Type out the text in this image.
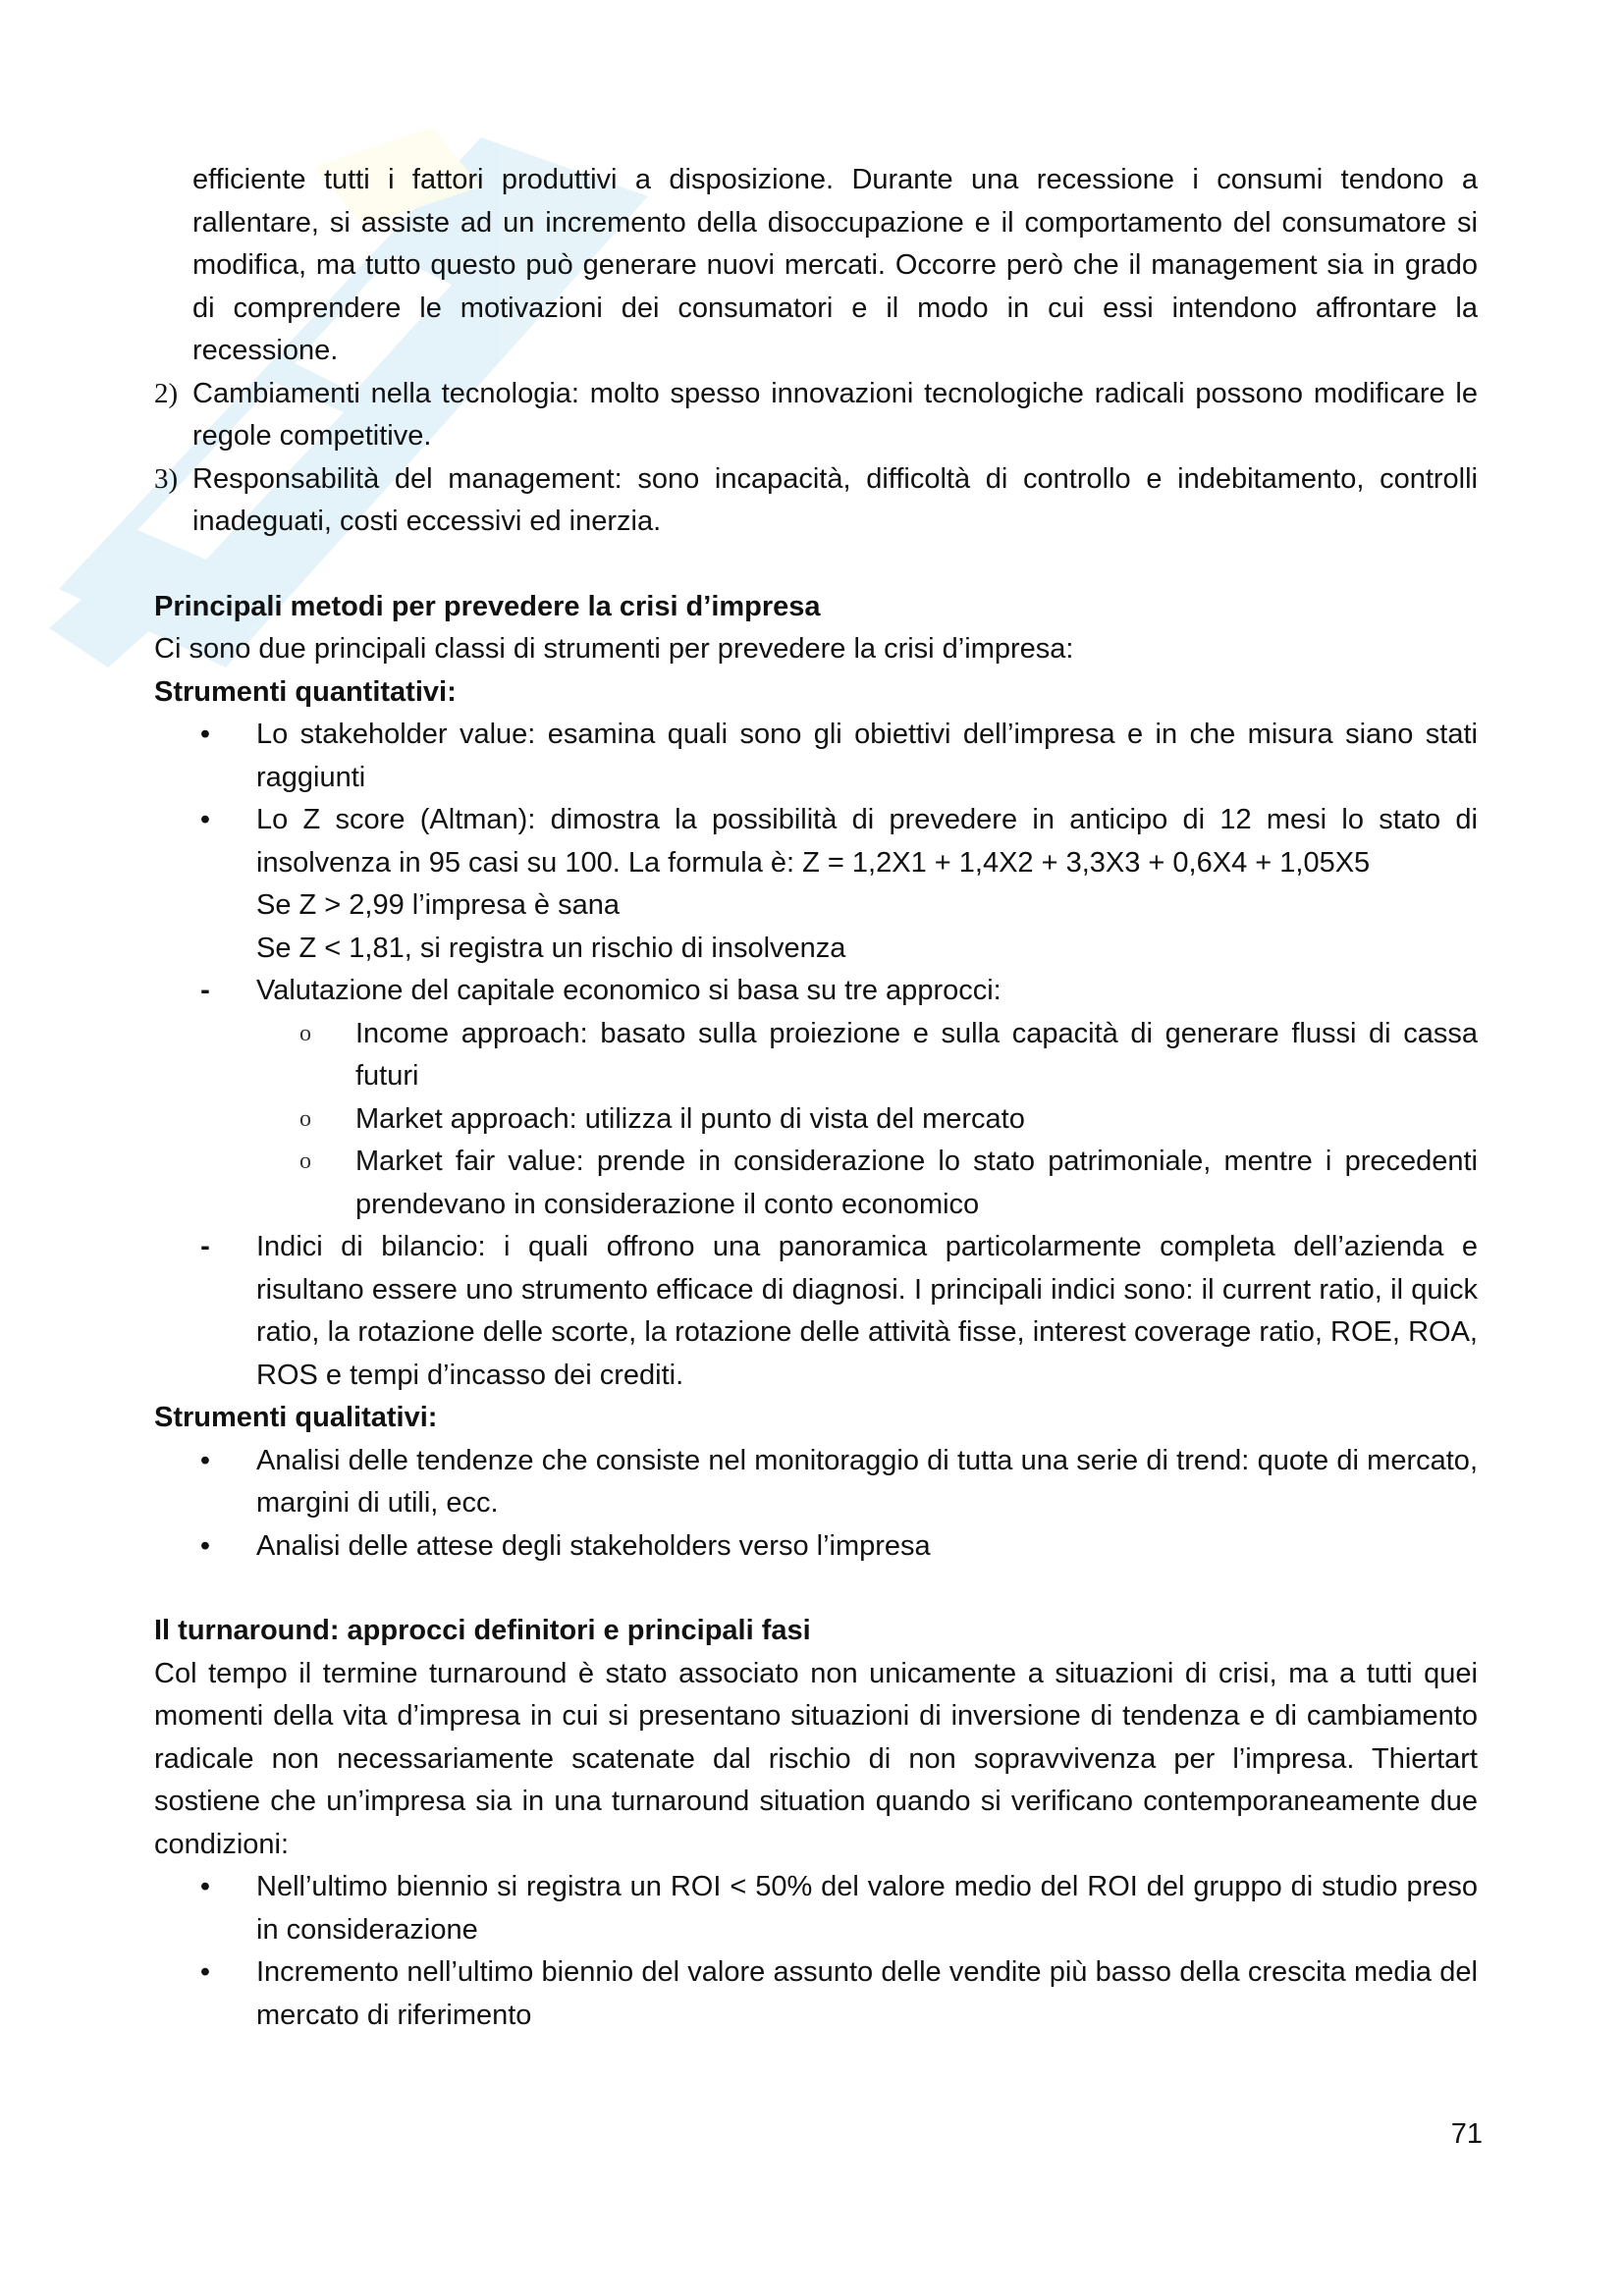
efficiente tutti i fattori produttivi a disposizione. Durante una recessione i consumi tendono a rallentare, si assiste ad un incremento della disoccupazione e il comportamento del consumatore si modifica, ma tutto questo può generare nuovi mercati. Occorre però che il management sia in grado di comprendere le motivazioni dei consumatori e il modo in cui essi intendono affrontare la recessione.

2) Cambiamenti nella tecnologia: molto spesso innovazioni tecnologiche radicali possono modificare le regole competitive.
3) Responsabilità del management: sono incapacità, difficoltà di controllo e indebitamento, controlli inadeguati, costi eccessivi ed inerzia.

Principali metodi per prevedere la crisi d’impresa

Ci sono due principali classi di strumenti per prevedere la crisi d’impresa:

Strumenti quantitativi:

•	Lo stakeholder value: esamina quali sono gli obiettivi dell’impresa e in che misura siano stati raggiunti
•	Lo Z score (Altman): dimostra la possibilità di prevedere in anticipo di 12 mesi lo stato di insolvenza in 95 casi su 100. La formula è: Z = 1,2X1 + 1,4X2 + 3,3X3 + 0,6X4 + 1,05X5
Se Z > 2,99 l’impresa è sana
Se Z < 1,81, si registra un rischio di insolvenza
-	Valutazione del capitale economico si basa su tre approcci:
o	Income approach: basato sulla proiezione e sulla capacità di generare flussi di cassa futuri
o	Market approach: utilizza il punto di vista del mercato
o	Market fair value: prende in considerazione lo stato patrimoniale, mentre i precedenti prendevano in considerazione il conto economico
-	Indici di bilancio: i quali offrono una panoramica particolarmente completa dell’azienda e risultano essere uno strumento efficace di diagnosi. I principali indici sono: il current ratio, il quick ratio, la rotazione delle scorte, la rotazione delle attività fisse, interest coverage ratio, ROE, ROA, ROS e tempi d’incasso dei crediti.

Strumenti qualitativi:

•	Analisi delle tendenze che consiste nel monitoraggio di tutta una serie di trend: quote di mercato, margini di utili, ecc.
•	Analisi delle attese degli stakeholders verso l’impresa

Il turnaround: approcci definitori e principali fasi

Col tempo il termine turnaround è stato associato non unicamente a situazioni di crisi, ma a tutti quei momenti della vita d’impresa in cui si presentano situazioni di inversione di tendenza e di cambiamento radicale non necessariamente scatenate dal rischio di non sopravvivenza per l’impresa. Thiertart sostiene che un’impresa sia in una turnaround situation quando si verificano contemporaneamente due condizioni:

•	Nell’ultimo biennio si registra un ROI < 50% del valore medio del ROI del gruppo di studio preso in considerazione
•	Incremento nell’ultimo biennio del valore assunto delle vendite più basso della crescita media del mercato di riferimento
71
